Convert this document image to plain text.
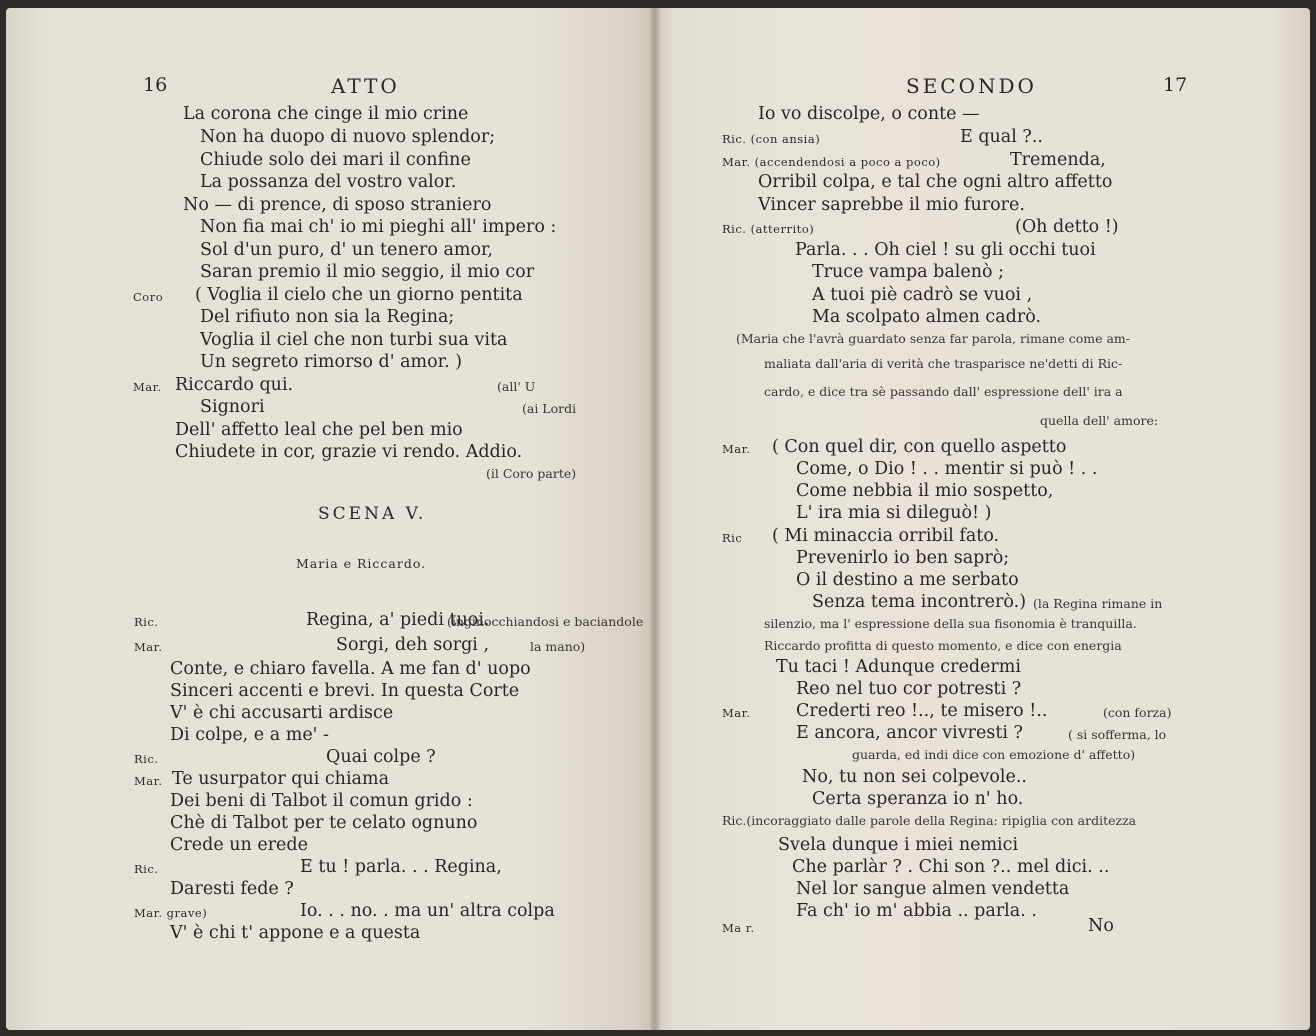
16	ATTO
SCENA V.
Maria e Riccardo.
La corona che cinge il mio crine
Non ha duopo di nuovo splendor;
Chiude solo dei mari il confine
La possanza del vostro valor.
No — di prence, di sposo straniero
Non fia mai ch' io mi pieghi all' impero :
Sol d'un puro, d' un tenero amor,
Saran premio il mio seggio, il mio cor
( Voglia il cielo che un giorno pentita
Del rifiuto non sia la Regina;
Voglia il ciel che non turbi sua vita
Un segreto rimorso d' amor. )
Riccardo qui.
Signori
Dell' affetto leal che pel ben mio
Chiudete in cor, grazie vi rendo. Addio.
Regina, a' piedi tuoi.
Sorgi, deh sorgi ,
Conte, e chiaro favella. A me fan d' uopo
Sinceri accenti e brevi. In questa Corte
V' è chi accusarti ardisce
Di colpe, e a me' -
Quai colpe ?
Te usurpator qui chiama
Dei beni di Talbot il comun grido :
Chè di Talbot per te celato ognuno
Crede un erede
E tu ! parla. . . Regina,
Daresti fede ?
Io. . . no. . ma un' altra colpa
V' è chi t' appone e a questa
Coro
Mar.
Ric.
Mar.
Ric.
Mar.
Ric.
Mar. grave)
(all' U
(ai Lordi
(il Coro parte)
(inginocchiandosi e baciandole
la mano)
SECONDO	17
Io vo discolpe, o conte —
E qual ?..
Tremenda,
Orribil colpa, e tal che ogni altro affetto
Vincer saprebbe il mio furore.
(Oh detto !)
Parla. . . Oh ciel ! su gli occhi tuoi
Truce vampa balenò ;
A tuoi piè cadrò se vuoi ,
Ma scolpato almen cadrò.
( Con quel dir, con quello aspetto
Come, o Dio ! . . mentir si può ! . .
Come nebbia il mio sospetto,
L' ira mia si dileguò! )
( Mi minaccia orribil fato.
Prevenirlo io ben saprò;
O il destino a me serbato
Senza tema incontrerò.)
Tu taci ! Adunque credermi
Reo nel tuo cor potresti ?
Crederti reo !.., te misero !..
E ancora, ancor vivresti ?
No, tu non sei colpevole..
Certa speranza io n' ho.
Svela dunque i miei nemici
Che parlàr ? . Chi son ?.. mel dici. ..
Nel lor sangue almen vendetta
Fa ch' io m' abbia .. parla. .
No
Ric. (con ansia)
Mar. (accendendosi a poco a poco)
Ric. (atterrito)
Mar.
Ric
Mar.
Ma r.
(Maria che l'avrà guardato senza far parola, rimane come am-
maliata dall'aria di verità che trasparisce ne'detti di Ric-
cardo, e dice tra sè passando dall' espressione dell' ira a
quella dell' amore:
(la Regina rimane in
silenzio, ma l' espressione della sua fisonomia è tranquilla.
Riccardo profitta di questo momento, e dice con energia
(con forza)
( si sofferma, lo
guarda, ed indi dice con emozione d' affetto)
Ric.(incoraggiato dalle parole della Regina: ripiglia con arditezza
